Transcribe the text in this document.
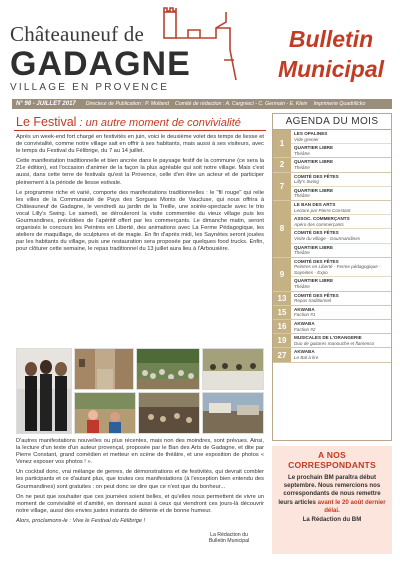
Châteauneuf de
GADAGNE
VILLAGE EN PROVENCE
Bulletin
Municipal
N° 98 - JUILLET 2017 Directeur de Publication : P. Molland Comité de rédaction : A. Cargnieci - C. Germain - E. Klein Imprimerie Quadrilicko
Le Festival : un autre moment de convivialité

Après un week-end fort chargé en festivités en juin, voici le deuxième volet des temps de liesse et de convivialité, comme notre village sait en offrir à ses habitants, mais aussi à ses visiteurs, avec le temps du Festival du Félibrige, du 7 au 14 juillet.

Cette manifestation traditionnelle et bien ancrée dans le paysage festif de la commune (ce sera la 21e édition), est l'occasion d'animer de la façon la plus agréable qui soit notre village. Mais c'est aussi, dans cette terre de festivals qu'est la Provence, celle d'en être un acteur et de participer pleinement à la période de liesse estivale.

Le programme riche et varié, comporte des manifestations traditionnelles : le "fil rouge" qui relie les villes de la Communauté de Pays des Sorgues Monts de Vaucluse, qui nous offrira à Châteauneuf de Gadagne, le vendredi au jardin de la Treille, une soirée-spectacle avec le trio vocal Lilly's Swing. Le samedi, se dérouleront la visite commentée du vieux village puis les Gourmandines, précédées de l'apéritif offert par les commerçants. Le dimanche matin, seront organisés le concours les Peintres en Liberté, des animations avec La Ferme Pédagogique, les ateliers de maquillage, de sculptures et de magie. En fin d'après midi, les Saynètes seront jouées par les habitants du village, puis une restauration sera proposée par quelques food trucks. Enfin, pour clôturer cette semaine, le repas traditionnel du 13 juillet aura lieu à l'Arbousière.

D'autres manifestations nouvelles ou plus récentes, mais non des moindres, sont prévues. Ainsi, la lecture d'un texte d'un auteur provençal, proposée par le Ban des Arts de Gadagne, et dite par Pierre Constant, grand comédien et metteur en scène de théâtre, et une exposition de photos « Venez exposer vos photos ! ».

Un cocktail donc, vrai mélange de genres, de démonstrations et de festivités, qui devrait combler les participants et ce d'autant plus, que toutes ces manifestations (à l'exception bien entendu des Gourmandines) sont gratuites : on peut donc se dire que ce n'est que du bonheur...

On ne peut que souhaiter que ces journées soient belles, et qu'elles nous permettent de vivre un moment de convivialité et d'amitié, en donnant aussi à ceux qui viendront ces jours-là découvrir notre village, aussi des envies justes instants de détente et de bonne humeur.

Alors, proclamons-le : Vive le Festival du Félibrige !

La Rédaction du
Bulletin Municipal
AGENDA DU MOIS
1
LES OPALINES
Vide grenier
QUARTIER LIBRE
Théâtre
2	QUARTIER LIBRE
Théâtre
7
COMITÉ DES FÊTES
Lilly's Swing
QUARTIER LIBRE
Théâtre
8
LE BAN DES ARTS
Lecture par Pierre Constant
ASSOC. COMMERÇANTS
Apéro des commerçants
COMITÉ DES FÊTES
Visite du village - Gourmandines
QUARTIER LIBRE
Théâtre
9
COMITÉ DES FÊTES
Peintres en Liberté - Ferme pédagogique - Saynètes - Expo
QUARTIER LIBRE
Théâtre
13	COMITÉ DES FÊTES
Repas traditionnel
15	AKWABA
Faction #1
16	AKWABA
Faction #2
19	MUSICALES DE L'ORANGERIE
Duo de guitares manouche et flamenco
27	AKWABA
Le Bal à lire
A NOS
CORRESPONDANTS
Le prochain BM paraîtra début septembre. Nous remercions nos correspondants de nous remettre leurs articles avant le 20 août dernier délai.
La Rédaction du BM
